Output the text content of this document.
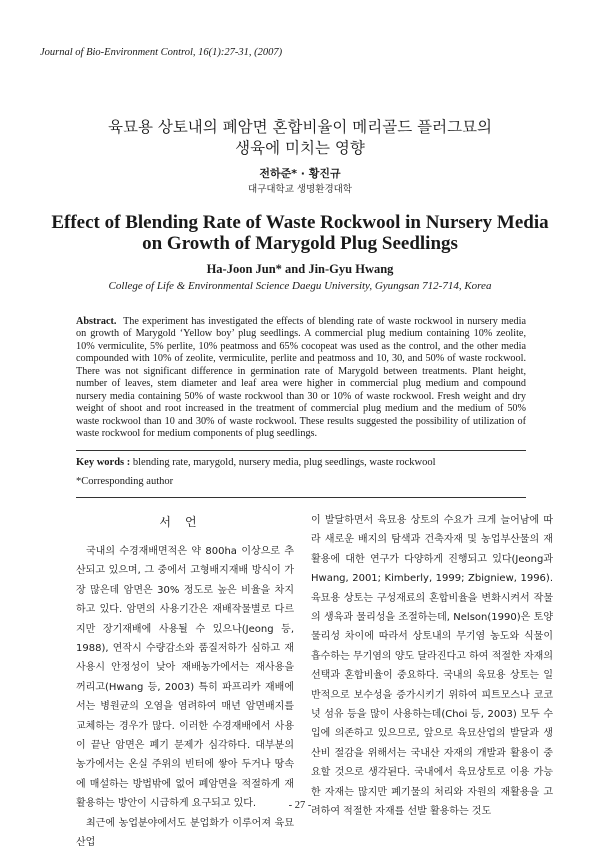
Journal of Bio-Environment Control, 16(1):27-31, (2007)
육묘용 상토내의 폐암면 혼합비율이 메리골드 플러그묘의
생육에 미치는 영향
전하준* · 황진규
대구대학교 생명환경대학
Effect of Blending Rate of Waste Rockwool in Nursery Media
on Growth of Marygold Plug Seedlings
Ha-Joon Jun* and Jin-Gyu Hwang
College of Life & Environmental Science Daegu University, Gyungsan 712-714, Korea
Abstract. The experiment has investigated the effects of blending rate of waste rockwool in nursery media on growth of Marygold ‘Yellow boy’ plug seedlings. A commercial plug medium containing 10% zeolite, 10% vermiculite, 5% perlite, 10% peatmoss and 65% cocopeat was used as the control, and the other media compounded with 10% of zeolite, vermiculite, perlite and peatmoss and 10, 30, and 50% of waste rockwool. There was not significant difference in germination rate of Marygold between treatments. Plant height, number of leaves, stem diameter and leaf area were higher in commercial plug medium and compound nursery media containing 50% of waste rockwool than 30 or 10% of waste rockwool. Fresh weight and dry weight of shoot and root increased in the treatment of commercial plug medium and the medium of 50% waste rockwool than 10 and 30% of waste rockwool. These results suggested the possibility of utilization of waste rockwool for medium components of plug seedlings.
Key words : blending rate, marygold, nursery media, plug seedlings, waste rockwool
*Corresponding author
서언

국내의 수경재배면적은 약 800ha 이상으로 추산되고 있으며, 그 중에서 고형배지재배 방식이 가장 많은데 암면은 30% 정도로 높은 비율을 차지하고 있다. 암면의 사용기간은 재배작물별로 다르지만 장기재배에 사용될 수 있으나(Jeong 등, 1988), 연작시 수량감소와 품질저하가 심하고 재사용시 안정성이 낮아 재배농가에서는 재사용을 꺼리고(Hwang 등, 2003) 특히 파프리카 재배에서는 병원균의 오염을 염려하여 매년 암면배지를 교체하는 경우가 많다. 이러한 수경재배에서 사용이 끝난 암면은 폐기 문제가 심각하다. 대부분의 농가에서는 온실 주위의 빈터에 쌓아 두거나 땅속에 매설하는 방법밖에 없어 폐암면을 적절하게 재활용하는 방안이 시급하게 요구되고 있다.

최근에 농업분야에서도 분업화가 이루어져 육묘산업

이 발달하면서 육묘용 상토의 수요가 크게 늘어남에 따라 새로운 배지의 탐색과 건축자재 및 농업부산물의 재활용에 대한 연구가 다양하게 진행되고 있다(Jeong과 Hwang, 2001; Kimberly, 1999; Zbigniew, 1996). 육묘용 상토는 구성재료의 혼합비율을 변화시켜서 작물의 생육과 물리성을 조절하는데, Nelson(1990)은 토양 물리성 차이에 따라서 상토내의 무기염 농도와 식물이 흡수하는 무기염의 양도 달라진다고 하여 적절한 자재의 선택과 혼합비율이 중요하다. 국내의 육묘용 상토는 일반적으로 보수성을 증가시키기 위하여 피트모스나 코코넛 섬유 등을 많이 사용하는데(Choi 등, 2003) 모두 수입에 의존하고 있으므로, 앞으로 육묘산업의 발달과 생산비 절감을 위해서는 국내산 자재의 개발과 활용이 중요할 것으로 생각된다. 국내에서 육묘상토로 이용 가능한 자재는 많지만 폐기물의 처리와 자원의 재활용을 고려하여 적절한 자재를 선발 활용하는 것도

- 27 -
